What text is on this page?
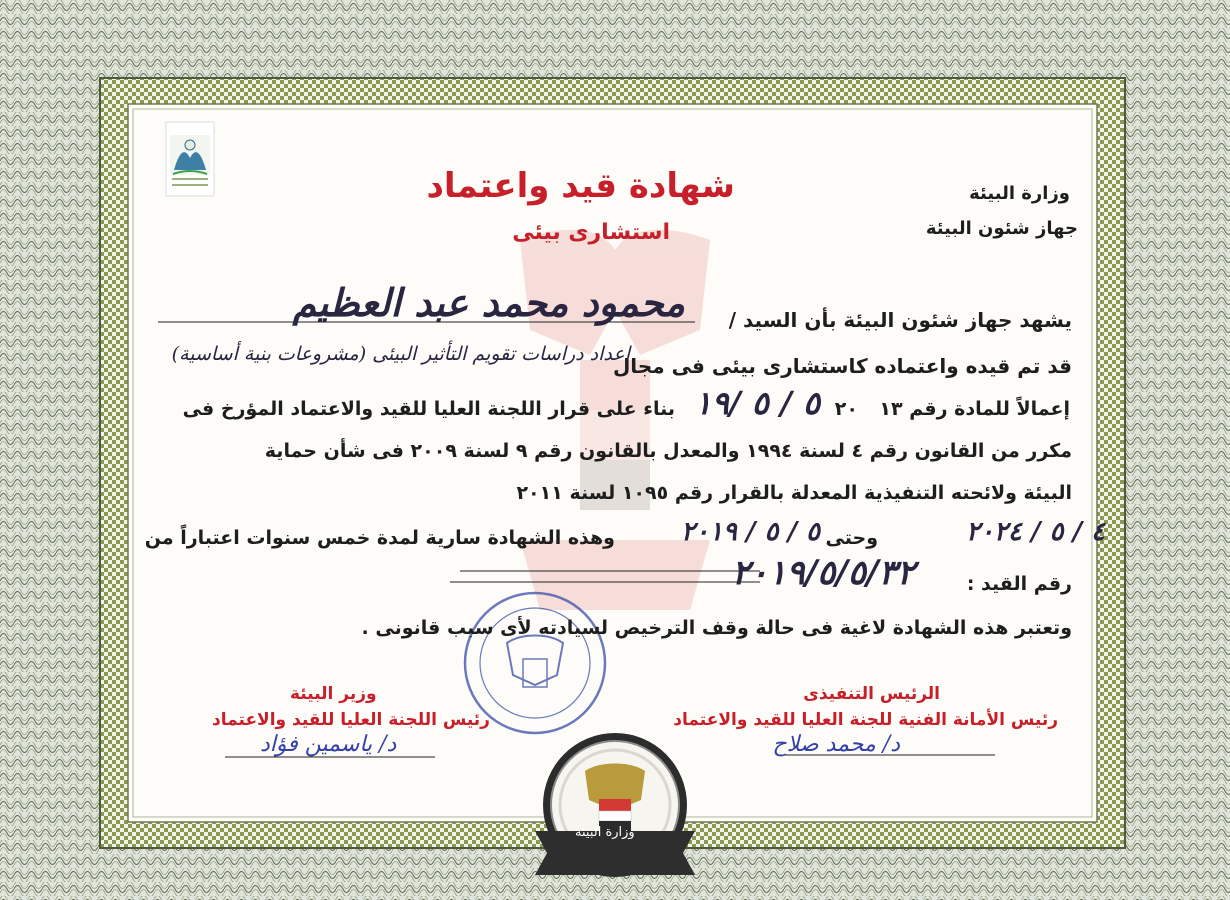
وزارة البيئة
جهاز شئون البيئة
شهادة قيد واعتماد
استشارى بيئى
يشهد جهاز شئون البيئة بأن السيد /
محمود محمد عبد العظيم
قد تم قيده واعتماده كاستشارى بيئى فى مجال
اعداد دراسات تقويم التأثير البيئى (مشروعات بنية أساسية)
بناء على قرار اللجنة العليا للقيد والاعتماد المؤرخ فى ٥ / ٥ /١٩ ٢٠ إعمالاً للمادة رقم ١٣
مكرر من القانون رقم ٤ لسنة ١٩٩٤ والمعدل بالقانون رقم ٩ لسنة ٢٠٠٩ فى شأن حماية
البيئة ولائحته التنفيذية المعدلة بالقرار رقم ١٠٩٥ لسنة ٢٠١١
وهذه الشهادة سارية لمدة خمس سنوات اعتباراً من	٥ / ٥ / ٢٠١٩ وحتى	٤ / ٥ / ٢٠٢٤
رقم القيد :
٢٠١٩/٥/٥/٣٢
وتعتبر هذه الشهادة لاغية فى حالة وقف الترخيص لسيادته لأى سبب قانونى .
الرئيس التنفيذى
رئيس الأمانة الفنية للجنة العليا للقيد والاعتماد
د/ محمد صلاح
وزير البيئة
رئيس اللجنة العليا للقيد والاعتماد
د/ ياسمين فؤاد
وزارة البيئة
